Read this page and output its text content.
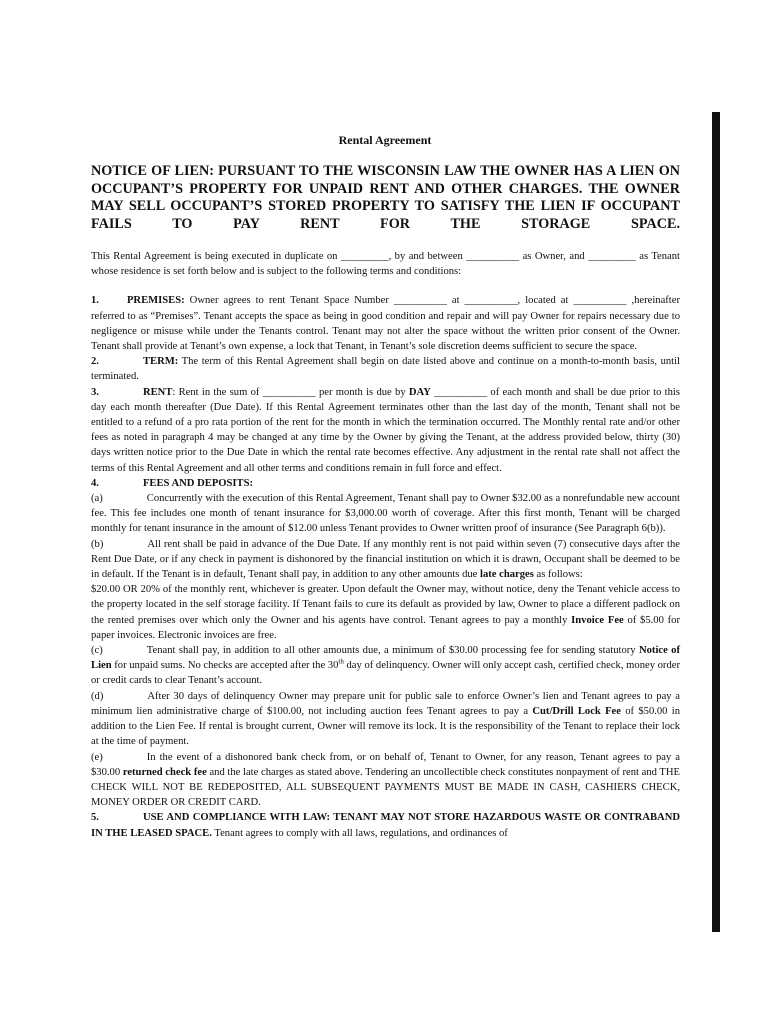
Rental Agreement
NOTICE OF LIEN: PURSUANT TO THE WISCONSIN LAW THE OWNER HAS A LIEN ON OCCUPANT’S PROPERTY FOR UNPAID RENT AND OTHER CHARGES. THE OWNER MAY SELL OCCUPANT’S STORED PROPERTY TO SATISFY THE LIEN IF OCCUPANT FAILS TO PAY RENT FOR THE STORAGE SPACE.

This Rental Agreement is being executed in duplicate on _________, by and between __________ as Owner, and _________ as Tenant whose residence is set forth below and is subject to the following terms and conditions:

1.	PREMISES: Owner agrees to rent Tenant Space Number __________ at __________, located at __________ ,hereinafter referred to as “Premises”. Tenant accepts the space as being in good condition and repair and will pay Owner for repairs necessary due to negligence or misuse while under the Tenants control. Tenant may not alter the space without the written prior consent of the Owner. Tenant shall provide at Tenant’s own expense, a lock that Tenant, in Tenant’s sole discretion deems sufficient to secure the space.

2.	TERM: The term of this Rental Agreement shall begin on date listed above and continue on a month-to-month basis, until terminated.

3.	RENT: Rent in the sum of __________ per month is due by DAY __________ of each month and shall be due prior to this day each month thereafter (Due Date). If this Rental Agreement terminates other than the last day of the month, Tenant shall not be entitled to a refund of a pro rata portion of the rent for the month in which the termination occurred. The Monthly rental rate and/or other fees as noted in paragraph 4 may be changed at any time by the Owner by giving the Tenant, at the address provided below, thirty (30) days written notice prior to the Due Date in which the rental rate becomes effective. Any adjustment in the rental rate shall not affect the terms of this Rental Agreement and all other terms and conditions remain in full force and effect.

4.	FEES AND DEPOSITS:

(a)	Concurrently with the execution of this Rental Agreement, Tenant shall pay to Owner $32.00 as a nonrefundable new account fee. This fee includes one month of tenant insurance for $3,000.00 worth of coverage. After this first month, Tenant will be charged monthly for tenant insurance in the amount of $12.00 unless Tenant provides to Owner written proof of insurance (See Paragraph 6(b)).

(b)	All rent shall be paid in advance of the Due Date. If any monthly rent is not paid within seven (7) consecutive days after the Rent Due Date, or if any check in payment is dishonored by the financial institution on which it is drawn, Occupant shall be deemed to be in default. If the Tenant is in default, Tenant shall pay, in addition to any other amounts due late charges as follows:

$20.00 OR 20% of the monthly rent, whichever is greater. Upon default the Owner may, without notice, deny the Tenant vehicle access to the property located in the self storage facility. If Tenant fails to cure its default as provided by law, Owner to place a different padlock on the rented premises over which only the Owner and his agents have control. Tenant agrees to pay a monthly Invoice Fee of $5.00 for paper invoices. Electronic invoices are free.

(c)	Tenant shall pay, in addition to all other amounts due, a minimum of $30.00 processing fee for sending statutory Notice of Lien for unpaid sums. No checks are accepted after the 30th day of delinquency. Owner will only accept cash, certified check, money order or credit cards to clear Tenant’s account.

(d)	After 30 days of delinquency Owner may prepare unit for public sale to enforce Owner’s lien and Tenant agrees to pay a minimum lien administrative charge of $100.00, not including auction fees Tenant agrees to pay a Cut/Drill Lock Fee of $50.00 in addition to the Lien Fee. If rental is brought current, Owner will remove its lock. It is the responsibility of the Tenant to replace their lock at the time of payment.

(e)	In the event of a dishonored bank check from, or on behalf of, Tenant to Owner, for any reason, Tenant agrees to pay a $30.00 returned check fee and the late charges as stated above. Tendering an uncollectible check constitutes nonpayment of rent and THE CHECK WILL NOT BE REDEPOSITED, ALL SUBSEQUENT PAYMENTS MUST BE MADE IN CASH, CASHIERS CHECK, MONEY ORDER OR CREDIT CARD.

5.	USE AND COMPLIANCE WITH LAW: TENANT MAY NOT STORE HAZARDOUS WASTE OR CONTRABAND IN THE LEASED SPACE. Tenant agrees to comply with all laws, regulations, and ordinances of
